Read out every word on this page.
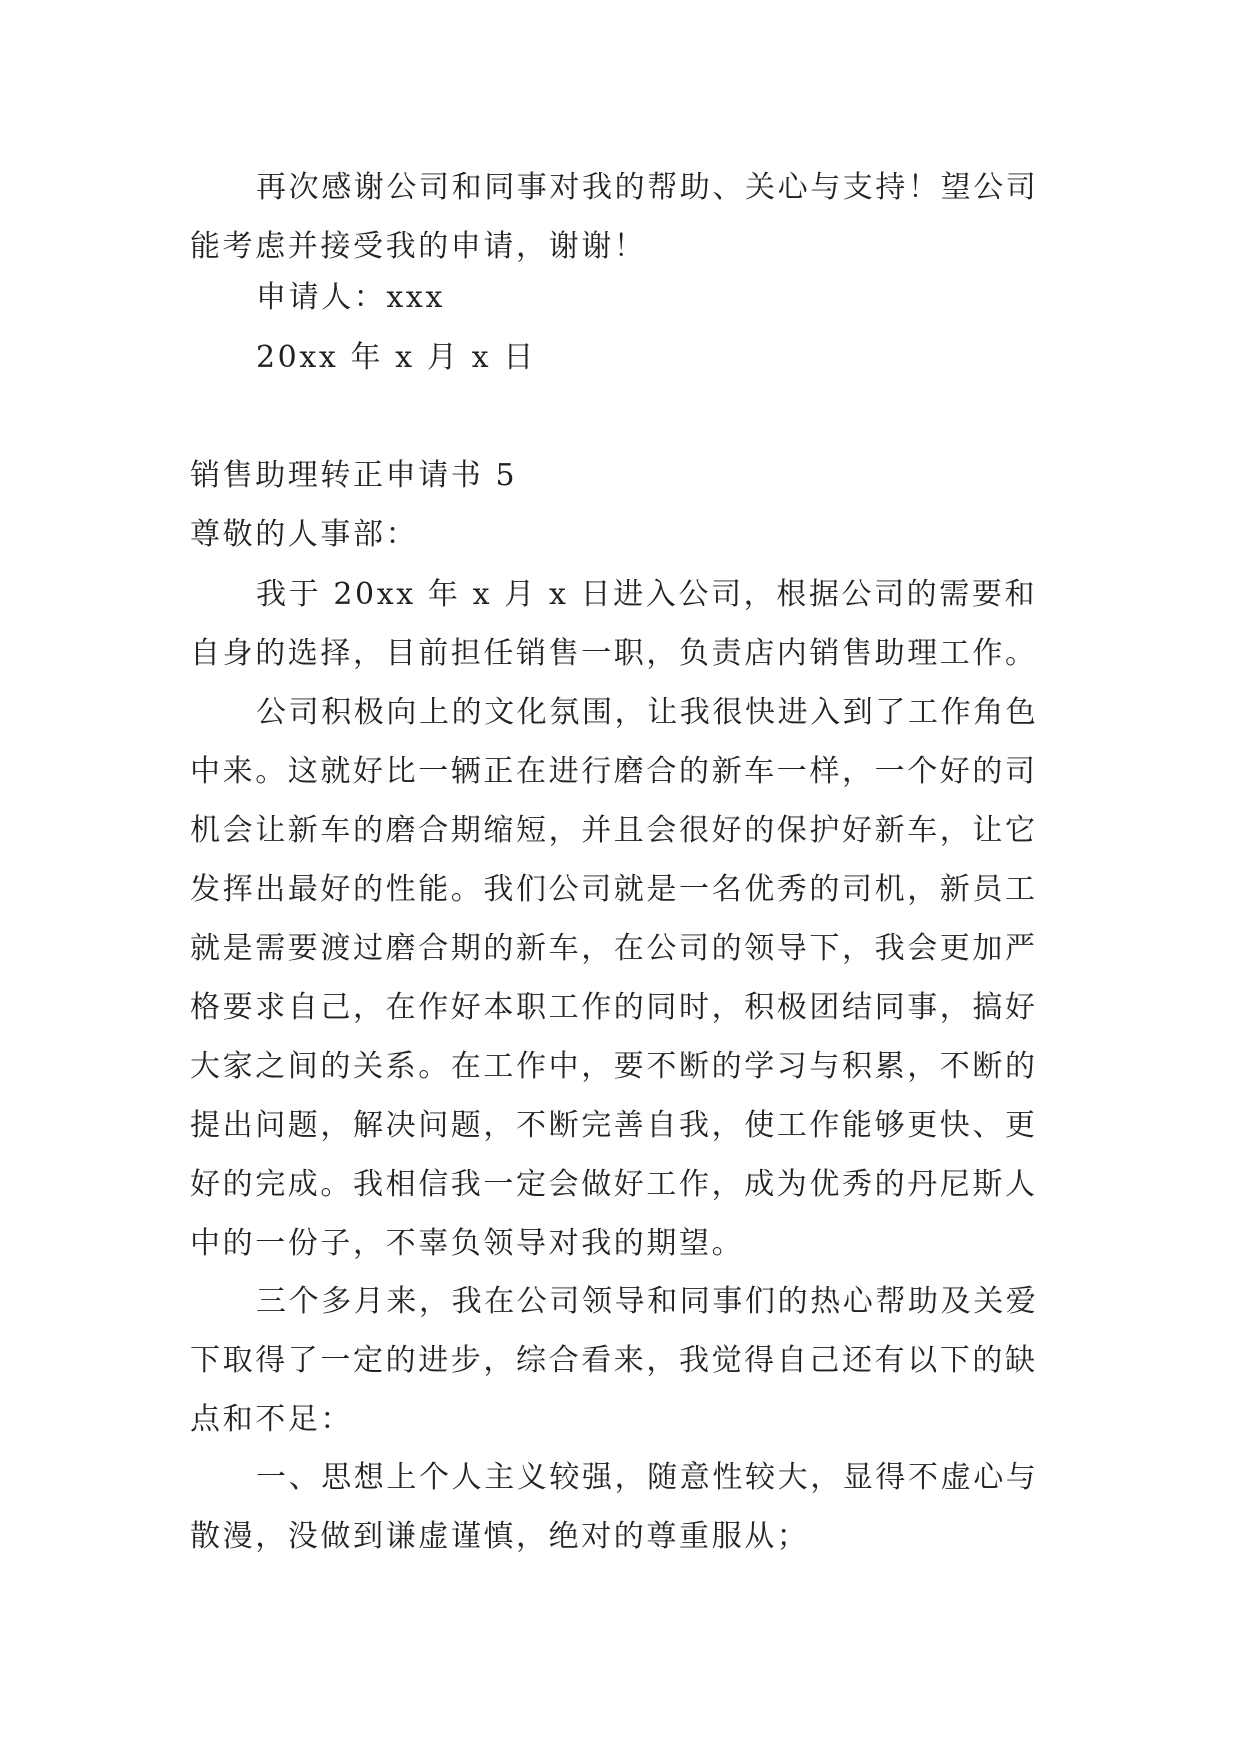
再次感谢公司和同事对我的帮助、关心与支持！望公司能考虑并接受我的申请，谢谢！

申请人：xxx

20xx 年 x 月 x 日

销售助理转正申请书 5

尊敬的人事部：

我于 20xx 年 x 月 x 日进入公司，根据公司的需要和自身的选择，目前担任销售一职，负责店内销售助理工作。

公司积极向上的文化氛围，让我很快进入到了工作角色中来。这就好比一辆正在进行磨合的新车一样，一个好的司机会让新车的磨合期缩短，并且会很好的保护好新车，让它发挥出最好的性能。我们公司就是一名优秀的司机，新员工就是需要渡过磨合期的新车，在公司的领导下，我会更加严格要求自己，在作好本职工作的同时，积极团结同事，搞好大家之间的关系。在工作中，要不断的学习与积累，不断的提出问题，解决问题，不断完善自我，使工作能够更快、更好的完成。我相信我一定会做好工作，成为优秀的丹尼斯人中的一份子，不辜负领导对我的期望。

三个多月来，我在公司领导和同事们的热心帮助及关爱下取得了一定的进步，综合看来，我觉得自己还有以下的缺点和不足：

一、思想上个人主义较强，随意性较大，显得不虚心与散漫，没做到谦虚谨慎，绝对的尊重服从；
